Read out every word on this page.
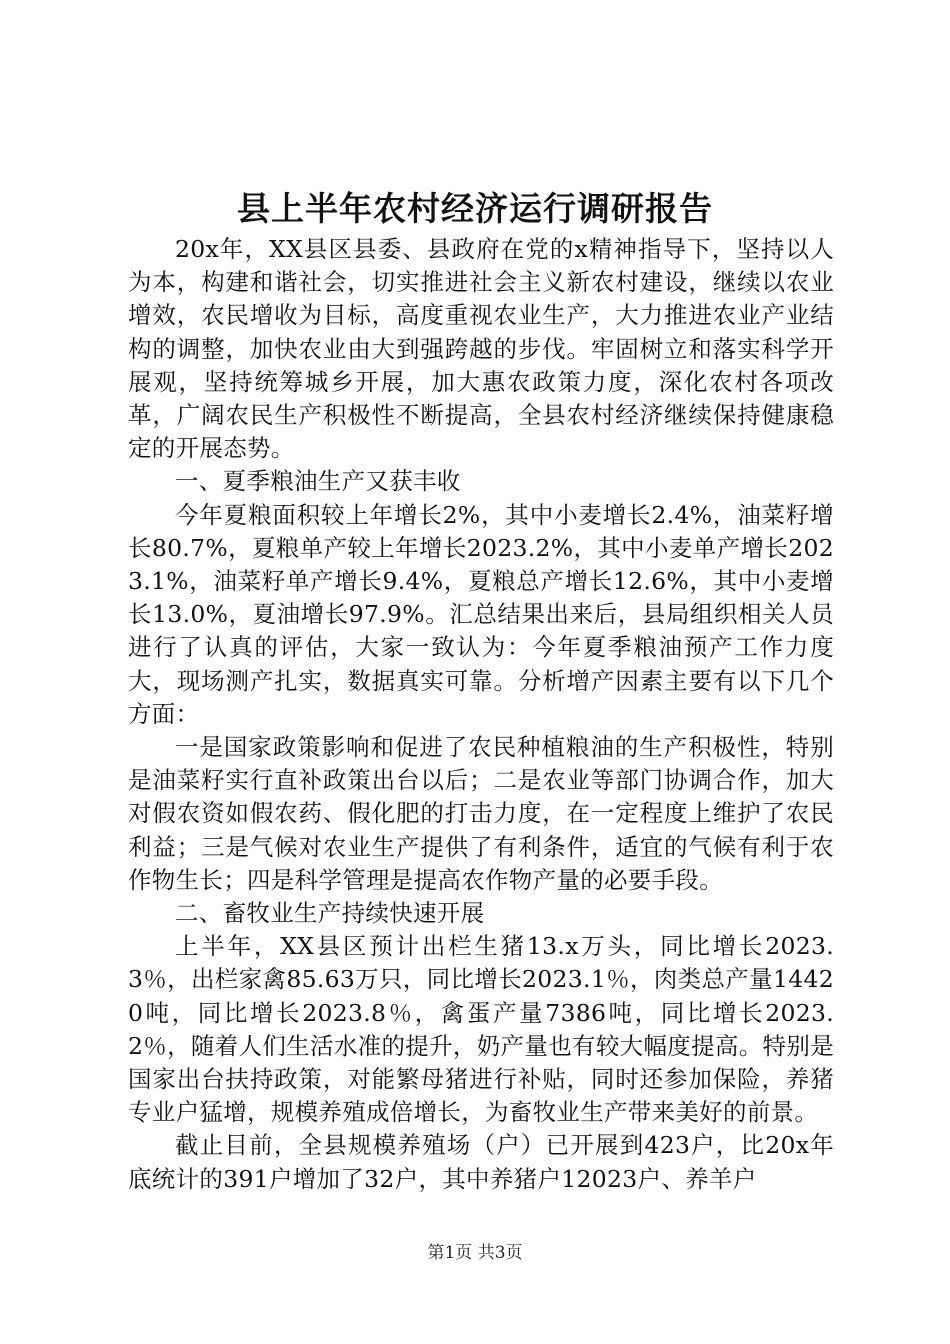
县上半年农村经济运行调研报告

20x年，XX县区县委、县政府在党的x精神指导下，坚持以人为本，构建和谐社会，切实推进社会主义新农村建设，继续以农业增效，农民增收为目标，高度重视农业生产，大力推进农业产业结构的调整，加快农业由大到强跨越的步伐。牢固树立和落实科学开展观，坚持统筹城乡开展，加大惠农政策力度，深化农村各项改革，广阔农民生产积极性不断提高，全县农村经济继续保持健康稳定的开展态势。

一、夏季粮油生产又获丰收

今年夏粮面积较上年增长2%，其中小麦增长2.4%，油菜籽增长80.7%，夏粮单产较上年增长2023.2%，其中小麦单产增长2023.1%，油菜籽单产增长9.4%，夏粮总产增长12.6%，其中小麦增长13.0%，夏油增长97.9%。汇总结果出来后，县局组织相关人员进行了认真的评估，大家一致认为：今年夏季粮油预产工作力度大，现场测产扎实，数据真实可靠。分析增产因素主要有以下几个方面：

一是国家政策影响和促进了农民种植粮油的生产积极性，特别是油菜籽实行直补政策出台以后；二是农业等部门协调合作，加大对假农资如假农药、假化肥的打击力度，在一定程度上维护了农民利益；三是气候对农业生产提供了有利条件，适宜的气候有利于农作物生长；四是科学管理是提高农作物产量的必要手段。

二、畜牧业生产持续快速开展

上半年，XX县区预计出栏生猪13.x万头，同比增长2023.3％，出栏家禽85.63万只，同比增长2023.1％，肉类总产量14420吨，同比增长2023.8％，禽蛋产量7386吨，同比增长2023.2％，随着人们生活水准的提升，奶产量也有较大幅度提高。特别是国家出台扶持政策，对能繁母猪进行补贴，同时还参加保险，养猪专业户猛增，规模养殖成倍增长，为畜牧业生产带来美好的前景。

截止目前，全县规模养殖场（户）已开展到423户，比20x年底统计的391户增加了32户，其中养猪户12023户、养羊户

第1页 共3页
